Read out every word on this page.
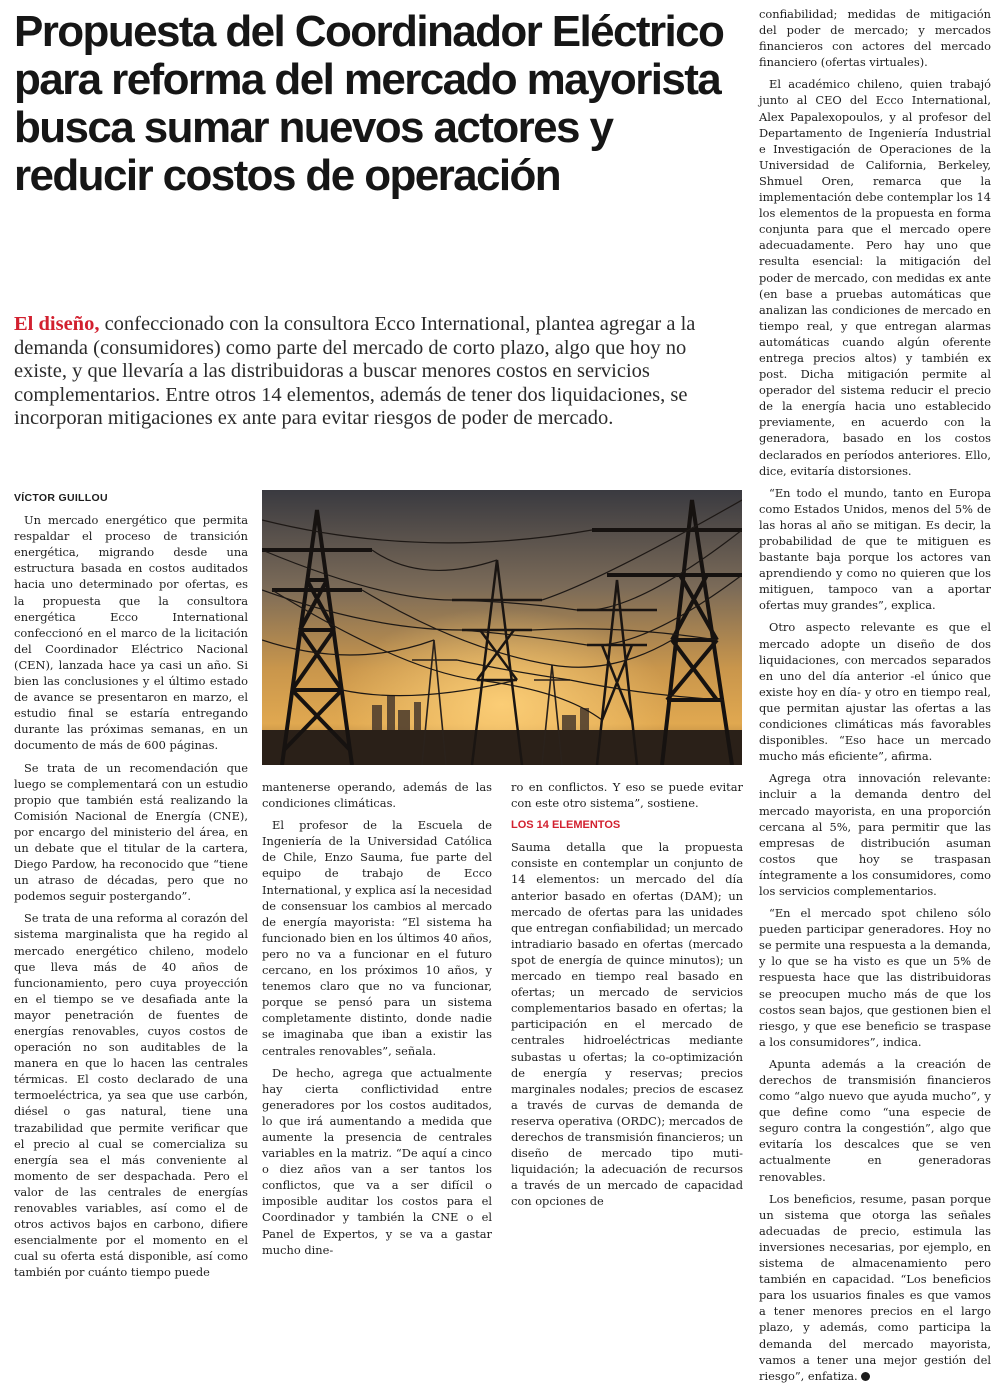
Propuesta del Coordinador Eléctrico para reforma del mercado mayorista busca sumar nuevos actores y reducir costos de operación

El diseño, confeccionado con la consultora Ecco International, plantea agregar a la demanda (consumidores) como parte del mercado de corto plazo, algo que hoy no existe, y que llevaría a las distribuidoras a buscar menores costos en servicios complementarios. Entre otros 14 elementos, además de tener dos liquidaciones, se incorporan mitigaciones ex ante para evitar riesgos de poder de mercado.

VÍCTOR GUILLOU

Un mercado energético que permita respaldar el proceso de transición energética, migrando desde una estructura basada en costos auditados hacia uno determinado por ofertas, es la propuesta que la consultora energética Ecco International confeccionó en el marco de la licitación del Coordinador Eléctrico Nacional (CEN), lanzada hace ya casi un año. Si bien las conclusiones y el último estado de avance se presentaron en marzo, el estudio final se estaría entregando durante las próximas semanas, en un documento de más de 600 páginas.

Se trata de un recomendación que luego se complementará con un estudio propio que también está realizando la Comisión Nacional de Energía (CNE), por encargo del ministerio del área, en un debate que el titular de la cartera, Diego Pardow, ha reconocido que “tiene un atraso de décadas, pero que no podemos seguir postergando”.

Se trata de una reforma al corazón del sistema marginalista que ha regido al mercado energético chileno, modelo que lleva más de 40 años de funcionamiento, pero cuya proyección en el tiempo se ve desafiada ante la mayor penetración de fuentes de energías renovables, cuyos costos de operación no son auditables de la manera en que lo hacen las centrales térmicas. El costo declarado de una termoeléctrica, ya sea que use carbón, diésel o gas natural, tiene una trazabilidad que permite verificar que el precio al cual se comercializa su energía sea el más conveniente al momento de ser despachada. Pero el valor de las centrales de energías renovables variables, así como el de otros activos bajos en carbono, difiere esencialmente por el momento en el cual su oferta está disponible, así como también por cuánto tiempo puede

mantenerse operando, además de las condiciones climáticas.

El profesor de la Escuela de Ingeniería de la Universidad Católica de Chile, Enzo Sauma, fue parte del equipo de trabajo de Ecco International, y explica así la necesidad de consensuar los cambios al mercado de energía mayorista: “El sistema ha funcionado bien en los últimos 40 años, pero no va a funcionar en el futuro cercano, en los próximos 10 años, y tenemos claro que no va funcionar, porque se pensó para un sistema completamente distinto, donde nadie se imaginaba que iban a existir las centrales renovables”, señala.

De hecho, agrega que actualmente hay cierta conflictividad entre generadores por los costos auditados, lo que irá aumentando a medida que aumente la presencia de centrales variables en la matriz. “De aquí a cinco o diez años van a ser tantos los conflictos, que va a ser difícil o imposible auditar los costos para el Coordinador y también la CNE o el Panel de Expertos, y se va a gastar mucho dine-

ro en conflictos. Y eso se puede evitar con este otro sistema”, sostiene.

LOS 14 ELEMENTOS

Sauma detalla que la propuesta consiste en contemplar un conjunto de 14 elementos: un mercado del día anterior basado en ofertas (DAM); un mercado de ofertas para las unidades que entregan confiabilidad; un mercado intradiario basado en ofertas (mercado spot de energía de quince minutos); un mercado en tiempo real basado en ofertas; un mercado de servicios complementarios basado en ofertas; la participación en el mercado de centrales hidroeléctricas mediante subastas u ofertas; la co-optimización de energía y reservas; precios marginales nodales; precios de escasez a través de curvas de demanda de reserva operativa (ORDC); mercados de derechos de transmisión financieros; un diseño de mercado tipo muti-liquidación; la adecuación de recursos a través de un mercado de capacidad con opciones de

confiabilidad; medidas de mitigación del poder de mercado; y mercados financieros con actores del mercado financiero (ofertas virtuales).

El académico chileno, quien trabajó junto al CEO del Ecco International, Alex Papalexopoulos, y al profesor del Departamento de Ingeniería Industrial e Investigación de Operaciones de la Universidad de California, Berkeley, Shmuel Oren, remarca que la implementación debe contemplar los 14 los elementos de la propuesta en forma conjunta para que el mercado opere adecuadamente. Pero hay uno que resulta esencial: la mitigación del poder de mercado, con medidas ex ante (en base a pruebas automáticas que analizan las condiciones de mercado en tiempo real, y que entregan alarmas automáticas cuando algún oferente entrega precios altos) y también ex post. Dicha mitigación permite al operador del sistema reducir el precio de la energía hacia uno establecido previamente, en acuerdo con la generadora, basado en los costos declarados en períodos anteriores. Ello, dice, evitaría distorsiones.

“En todo el mundo, tanto en Europa como Estados Unidos, menos del 5% de las horas al año se mitigan. Es decir, la probabilidad de que te mitiguen es bastante baja porque los actores van aprendiendo y como no quieren que los mitiguen, tampoco van a aportar ofertas muy grandes”, explica.

Otro aspecto relevante es que el mercado adopte un diseño de dos liquidaciones, con mercados separados en uno del día anterior -el único que existe hoy en día- y otro en tiempo real, que permitan ajustar las ofertas a las condiciones climáticas más favorables disponibles. “Eso hace un mercado mucho más eficiente”, afirma.

Agrega otra innovación relevante: incluir a la demanda dentro del mercado mayorista, en una proporción cercana al 5%, para permitir que las empresas de distribución asuman costos que hoy se traspasan íntegramente a los consumidores, como los servicios complementarios.

“En el mercado spot chileno sólo pueden participar generadores. Hoy no se permite una respuesta a la demanda, y lo que se ha visto es que un 5% de respuesta hace que las distribuidoras se preocupen mucho más de que los costos sean bajos, que gestionen bien el riesgo, y que ese beneficio se traspase a los consumidores”, indica.

Apunta además a la creación de derechos de transmisión financieros como “algo nuevo que ayuda mucho”, y que define como “una especie de seguro contra la congestión”, algo que evitaría los descalces que se ven actualmente en generadoras renovables.

Los beneficios, resume, pasan porque un sistema que otorga las señales adecuadas de precio, estimula las inversiones necesarias, por ejemplo, en sistema de almacenamiento pero también en capacidad. “Los beneficios para los usuarios finales es que vamos a tener menores precios en el largo plazo, y además, como participa la demanda del mercado mayorista, vamos a tener una mejor gestión del riesgo”, enfatiza.
